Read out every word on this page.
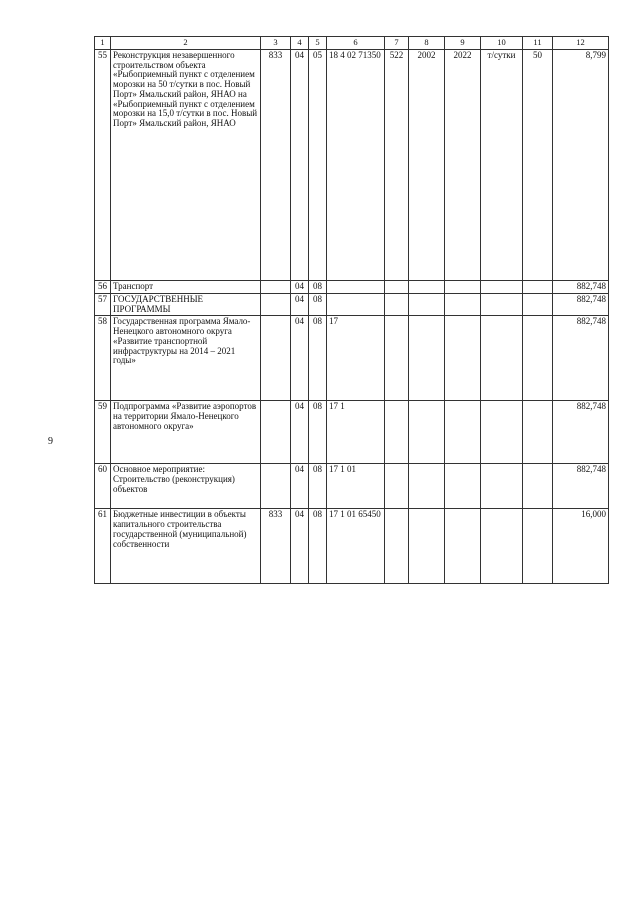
9
1	2	3	4	5	6	7	8	9	10	11	12
55	Реконструкция незавершенного строительством объекта «Рыбоприемный пункт с отделением морозки на 50 т/сутки в пос. Новый Порт» Ямальский район, ЯНАО на «Рыбоприемный пункт с отделением морозки на 15,0 т/сутки в пос. Новый Порт» Ямальский район, ЯНАО	833	04	05	18 4 02 71350	522	2002	2022	т/сутки	50	8,799
56	Транспорт		04	08							882,748
57	ГОСУДАРСТВЕННЫЕ ПРОГРАММЫ		04	08							882,748
58	Государственная программа Ямало-Ненецкого автономного округа «Развитие транспортной инфраструктуры на 2014 – 2021 годы»		04	08	17						882,748
59	Подпрограмма «Развитие аэропортов на территории Ямало-Ненецкого автономного округа»		04	08	17 1						882,748
60	Основное мероприятие: Строительство (реконструкция) объектов		04	08	17 1 01						882,748
61	Бюджетные инвестиции в объекты капитального строительства государственной (муниципальной) собственности	833	04	08	17 1 01 65450						16,000
